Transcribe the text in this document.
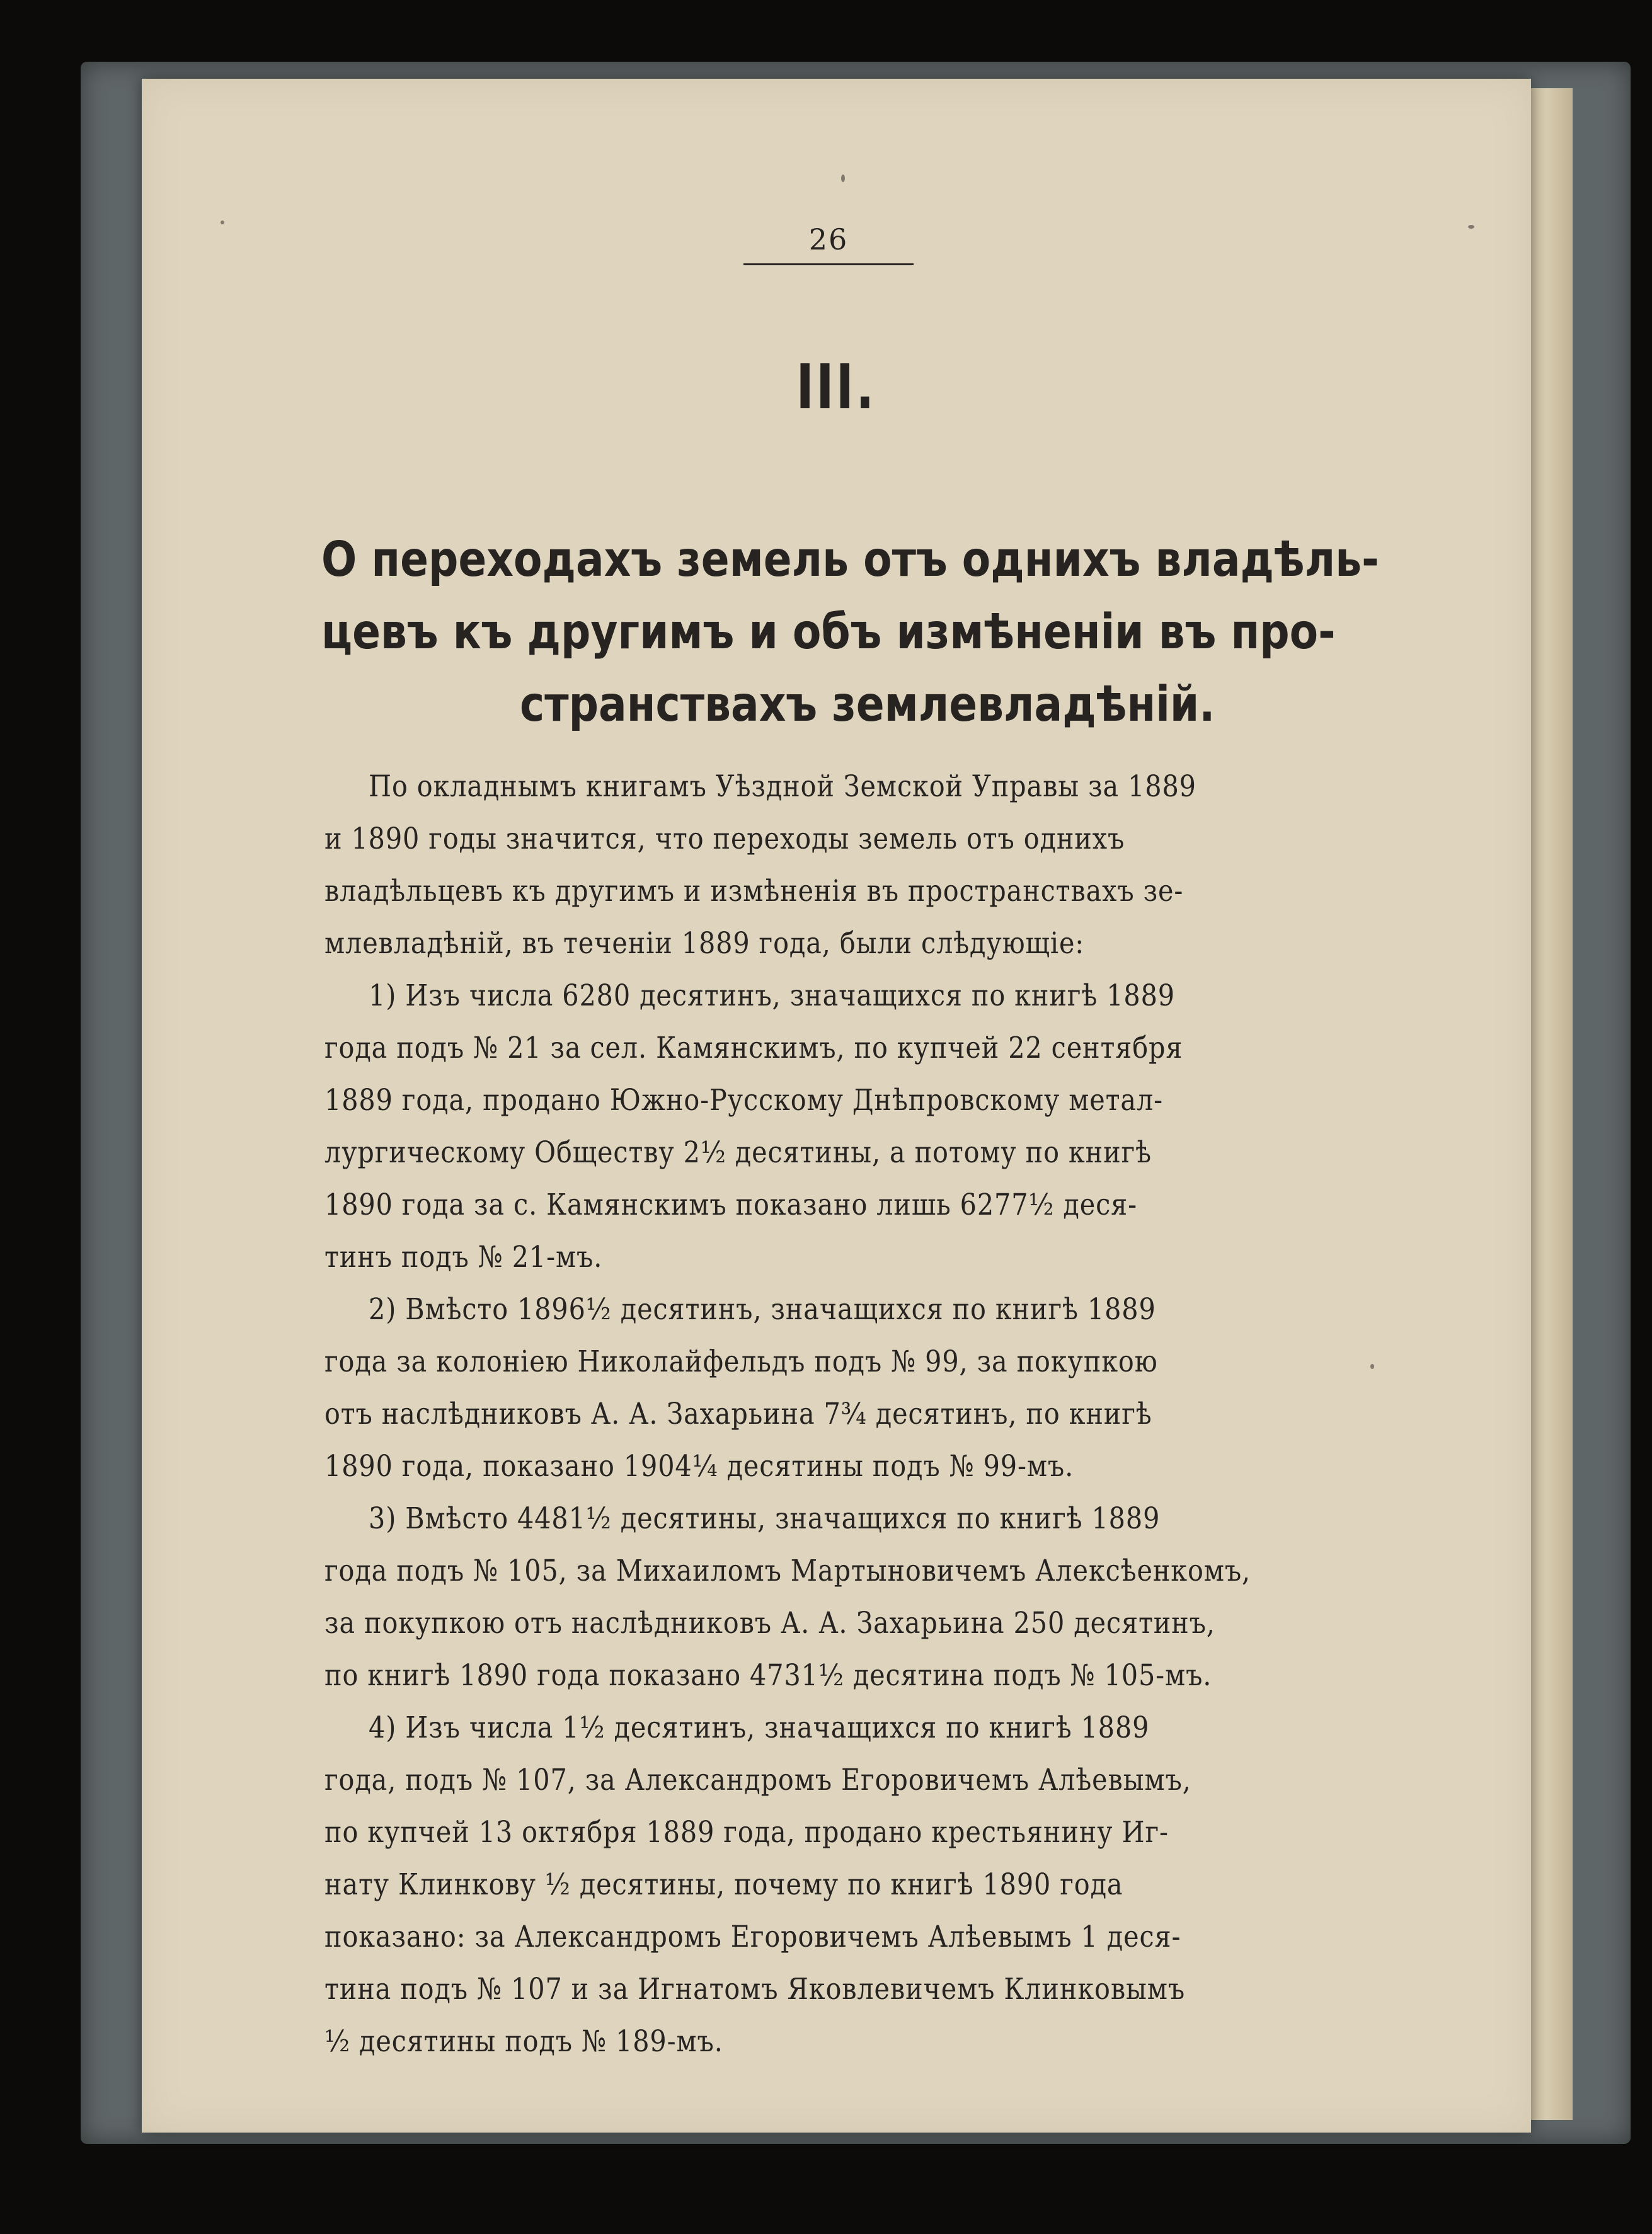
26
III.
О переходахъ земель отъ однихъ владѣль-
цевъ къ другимъ и объ измѣненіи въ про-
странствахъ землевладѣній.
По окладнымъ книгамъ Уѣздной Земской Управы за 1889
и 1890 годы значится, что переходы земель отъ однихъ
владѣльцевъ къ другимъ и измѣненія въ пространствахъ зе-
млевладѣній, въ теченіи 1889 года, были слѣдующіе:
1) Изъ числа 6280 десятинъ, значащихся по книгѣ 1889
года подъ № 21 за сел. Камянскимъ, по купчей 22 сентября
1889 года, продано Южно-Русскому Днѣпровскому метал-
лургическому Обществу 2½ десятины, а потому по книгѣ
1890 года за с. Камянскимъ показано лишь 6277½ деся-
тинъ подъ № 21-мъ.
2) Вмѣсто 1896½ десятинъ, значащихся по книгѣ 1889
года за колоніею Николайфельдъ подъ № 99, за покупкою
отъ наслѣдниковъ А. А. Захарьина 7¾ десятинъ, по книгѣ
1890 года, показано 1904¼ десятины подъ № 99-мъ.
3) Вмѣсто 4481½ десятины, значащихся по книгѣ 1889
года подъ № 105, за Михаиломъ Мартыновичемъ Алексѣенкомъ,
за покупкою отъ наслѣдниковъ А. А. Захарьина 250 десятинъ,
по книгѣ 1890 года показано 4731½ десятина подъ № 105-мъ.
4) Изъ числа 1½ десятинъ, значащихся по книгѣ 1889
года, подъ № 107, за Александромъ Егоровичемъ Алѣевымъ,
по купчей 13 октября 1889 года, продано крестьянину Иг-
нату Клинкову ½ десятины, почему по книгѣ 1890 года
показано: за Александромъ Егоровичемъ Алѣевымъ 1 деся-
тина подъ № 107 и за Игнатомъ Яковлевичемъ Клинковымъ
½ десятины подъ № 189-мъ.
